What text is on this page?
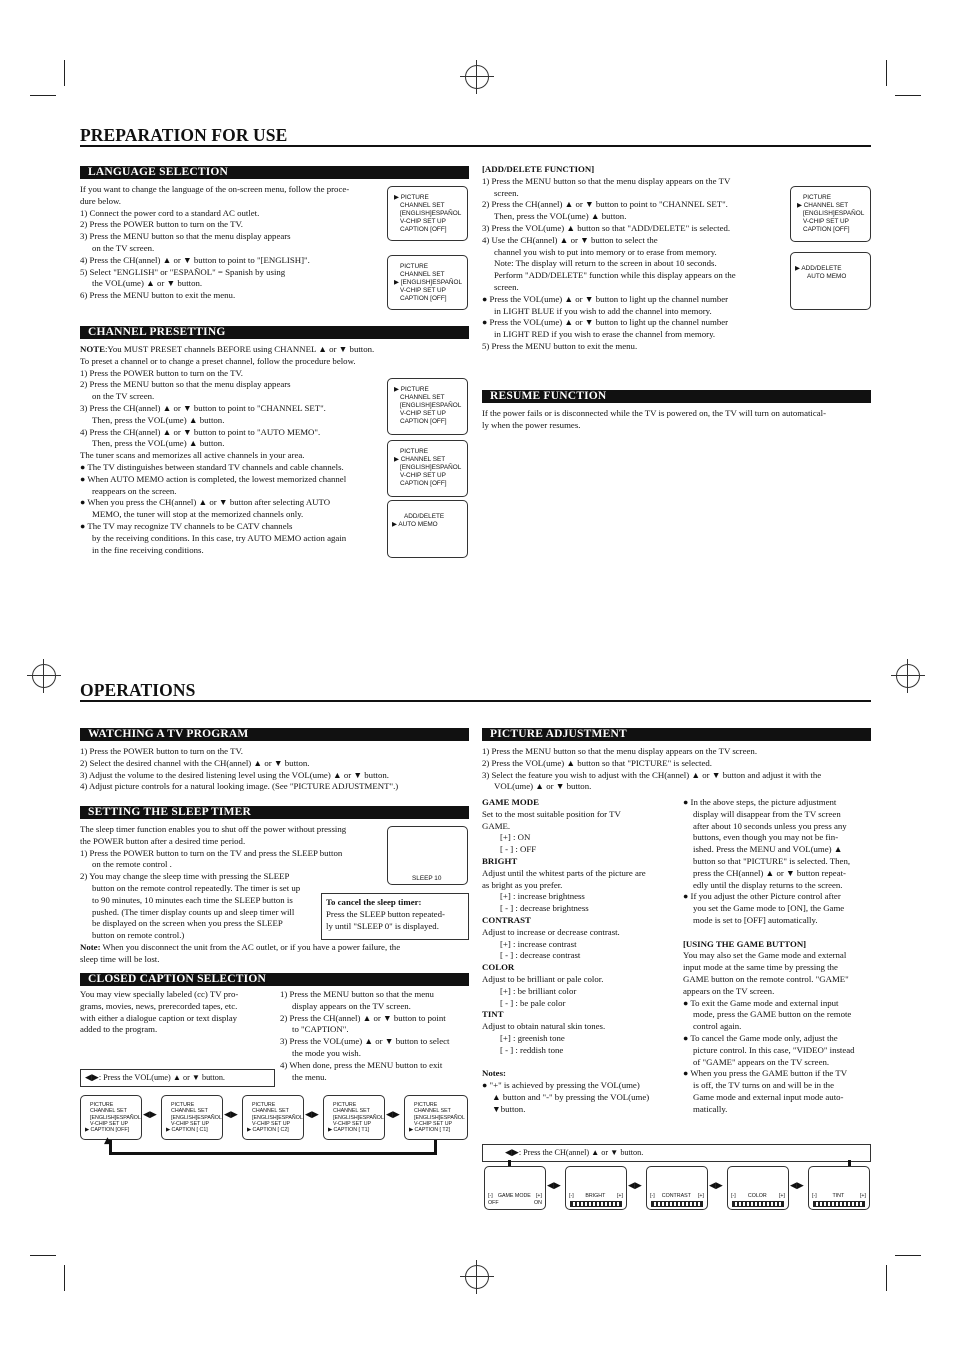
PREPARATION FOR USE
LANGUAGE SELECTION

If you want to change the language of the on-screen menu, follow the proce-

dure below.

1) Connect the power cord to a standard AC outlet.

2) Press the POWER button to turn on the TV.

3) Press the MENU button so that the menu display appears

on the TV screen.

4) Press the CH(annel) ▲ or ▼ button to point to "[ENGLISH]".

5) Select "ENGLISH" or "ESPAÑOL" = Spanish by using

the VOL(ume) ▲ or ▼ button.

6) Press the MENU button to exit the menu.

▶ PICTURE
CHANNEL SET
[ENGLISH]ESPAÑOL
V-CHIP SET UP
CAPTION [OFF]
PICTURE
CHANNEL SET
▶ [ENGLISH]ESPAÑOL
V-CHIP SET UP
CAPTION [OFF]
CHANNEL PRESETTING

NOTE:You MUST PRESET channels BEFORE using CHANNEL ▲ or ▼ button.

To preset a channel or to change a preset channel, follow the procedure below.

1) Press the POWER button to turn on the TV.

2) Press the MENU button so that the menu display appears

on the TV screen.

3) Press the CH(annel) ▲ or ▼ button to point to "CHANNEL SET".

Then, press the VOL(ume) ▲ button.

4) Press the CH(annel) ▲ or ▼ button to point to "AUTO MEMO".

Then, press the VOL(ume) ▲ button.

The tuner scans and memorizes all active channels in your area.

● The TV distinguishes between standard TV channels and cable channels.

● When AUTO MEMO action is completed, the lowest memorized channel

reappears on the screen.

● When you press the CH(annel) ▲ or ▼ button after selecting AUTO

MEMO, the tuner will stop at the memorized channels only.

● The TV may recognize TV channels to be CATV channels

by the receiving conditions. In this case, try AUTO MEMO action again

in the fine receiving conditions.

▶ PICTURE
CHANNEL SET
[ENGLISH]ESPAÑOL
V-CHIP SET UP
CAPTION [OFF]
PICTURE
▶ CHANNEL SET
[ENGLISH]ESPAÑOL
V-CHIP SET UP
CAPTION [OFF]
ADD/DELETE
▶ AUTO MEMO

[ADD/DELETE FUNCTION]

1) Press the MENU button so that the menu display appears on the TV

screen.

2) Press the CH(annel) ▲ or ▼ button to point to "CHANNEL SET".

Then, press the VOL(ume) ▲ button.

3) Press the VOL(ume) ▲ button so that "ADD/DELETE" is selected.

4) Use the CH(annel) ▲ or ▼ button to select the

channel you wish to put into memory or to erase from memory.

Note: The display will return to the screen in about 10 seconds.

Perform "ADD/DELETE" function while this display appears on the

screen.

● Press the VOL(ume) ▲ or ▼ button to light up the channel number

in LIGHT BLUE if you wish to add the channel into memory.

● Press the VOL(ume) ▲ or ▼ button to light up the channel number

in LIGHT RED if you wish to erase the channel from memory.

5) Press the MENU button to exit the menu.

PICTURE
▶ CHANNEL SET
[ENGLISH]ESPAÑOL
V-CHIP SET UP
CAPTION [OFF]
▶ ADD/DELETE
AUTO MEMO
RESUME FUNCTION

If the power fails or is disconnected while the TV is powered on, the TV will turn on automatical-

ly when the power resumes.

OPERATIONS
WATCHING A TV PROGRAM

1) Press the POWER button to turn on the TV.

2) Select the desired channel with the CH(annel) ▲ or ▼ button.

3) Adjust the volume to the desired listening level using the VOL(ume) ▲ or ▼ button.

4) Adjust picture controls for a natural looking image. (See "PICTURE ADJUSTMENT".)

SETTING THE SLEEP TIMER

The sleep timer function enables you to shut off the power without pressing

the POWER button after a desired time period.

1) Press the POWER button to turn on the TV and press the SLEEP button

on the remote control .

2) You may change the sleep time with pressing the SLEEP

button on the remote control repeatedly. The timer is set up

to 90 minutes, 10 minutes each time the SLEEP button is

pushed. (The timer display counts up and sleep timer will

be displayed on the screen when you press the SLEEP

button on remote control.)

Note: When you disconnect the unit from the AC outlet, or if you have a power failure, the

sleep time will be lost.

SLEEP 10
To cancel the sleep timer:
Press the SLEEP button repeated-
ly until "SLEEP 0" is displayed.
CLOSED CAPTION SELECTION

You may view specially labeled (cc) TV pro-

grams, movies, news, prerecorded tapes, etc.

with either a dialogue caption or text display

added to the program.

1) Press the MENU button so that the menu

display appears on the TV screen.

2) Press the CH(annel) ▲ or ▼ button to point

to "CAPTION".

3) Press the VOL(ume) ▲ or ▼ button to select

the mode you wish.

4) When done, press the MENU button to exit

the menu.

◀▶: Press the VOL(ume) ▲ or ▼ button.
PICTURE
CHANNEL SET
[ENGLISH]ESPAÑOL
V-CHIP SET UP
▶ CAPTION [OFF]
PICTURE
CHANNEL SET
[ENGLISH]ESPAÑOL
V-CHIP SET UP
▶ CAPTION [ C1]
PICTURE
CHANNEL SET
[ENGLISH]ESPAÑOL
V-CHIP SET UP
▶ CAPTION [ C2]
PICTURE
CHANNEL SET
[ENGLISH]ESPAÑOL
V-CHIP SET UP
▶ CAPTION [ T1]
PICTURE
CHANNEL SET
[ENGLISH]ESPAÑOL
V-CHIP SET UP
▶ CAPTION [ T2]
◀▶	◀▶	◀▶	◀▶
▲
PICTURE ADJUSTMENT

1) Press the MENU button so that the menu display appears on the TV screen.

2) Press the VOL(ume) ▲ button so that "PICTURE" is selected.

3) Select the feature you wish to adjust with the CH(annel) ▲ or ▼ button and adjust it with the

VOL(ume) ▲ or ▼ button.

GAME MODE

Set to the most suitable position for TV

GAME.

[+] : ON

[ - ] : OFF

BRIGHT

Adjust until the whitest parts of the picture are

as bright as you prefer.

[+] : increase brightness

[ - ] : decrease brightness

CONTRAST

Adjust to increase or decrease contrast.

[+] : increase contrast

[ - ] : decrease contrast

COLOR

Adjust to be brilliant or pale color.

[+] : be brilliant color

[ - ] : be pale color

TINT

Adjust to obtain natural skin tones.

[+] : greenish tone

[ - ] : reddish tone

Notes:

● "+" is achieved by pressing the VOL(ume)

▲ button and "-" by pressing the VOL(ume)

▼button.

● In the above steps, the picture adjustment

display will disappear from the TV screen

after about 10 seconds unless you press any

buttons, even though you may not be fin-

ished. Press the MENU and VOL(ume) ▲

button so that "PICTURE" is selected. Then,

press the CH(annel) ▲ or ▼ button repeat-

edly until the display returns to the screen.

● If you adjust the other Picture control after

you set the Game mode to [ON], the Game

mode is set to [OFF] automatically.

[USING THE GAME BUTTON]

You may also set the Game mode and external

input mode at the same time by pressing the

GAME button on the remote control. "GAME"

appears on the TV screen.

● To exit the Game mode and external input

mode, press the GAME button on the remote

control again.

● To cancel the Game mode only, adjust the

picture control. In this case, "VIDEO" instead

of "GAME" appears on the TV screen.

● When you press the GAME button if the TV

is off, the TV turns on and will be in the

Game mode and external input mode auto-

matically.

◀▶: Press the CH(annel) ▲ or ▼ button.
[-] GAME MODE [+]
OFF	ON
◀▶
[-] BRIGHT [+]
◀▶
[-] CONTRAST [+]
◀▶
[-] COLOR [+]
◀▶
[-]	TINT	[+]
